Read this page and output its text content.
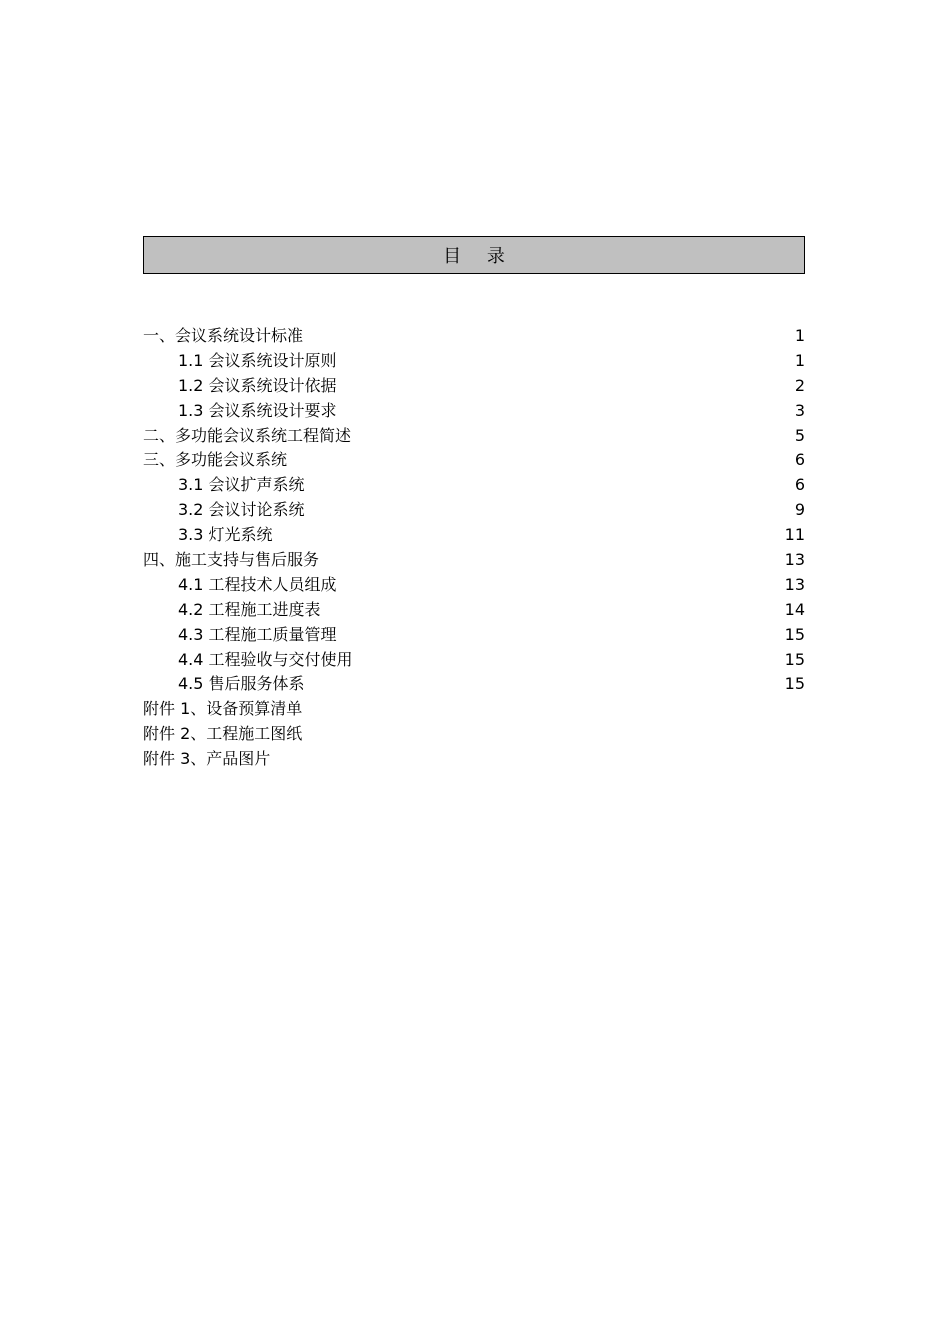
目 录
一、会议系统设计标准	1
1.1 会议系统设计原则	1
1.2 会议系统设计依据	2
1.3 会议系统设计要求	3
二、多功能会议系统工程简述	5
三、多功能会议系统	6
3.1 会议扩声系统	6
3.2 会议讨论系统	9
3.3 灯光系统	11
四、施工支持与售后服务	13
4.1 工程技术人员组成	13
4.2 工程施工进度表	14
4.3 工程施工质量管理	15
4.4 工程验收与交付使用	15
4.5 售后服务体系	15
附件 1、设备预算清单
附件 2、工程施工图纸
附件 3、产品图片
